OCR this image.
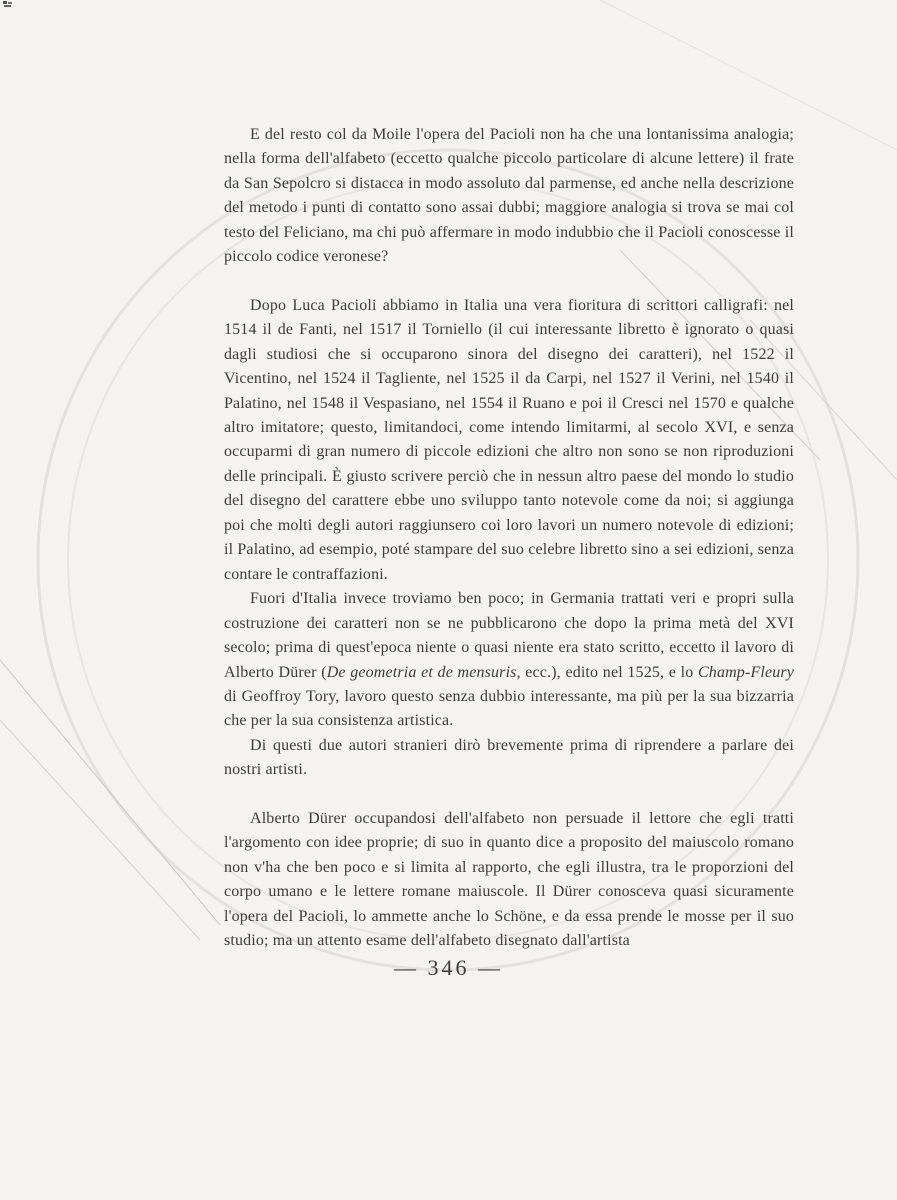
E del resto col da Moile l'opera del Pacioli non ha che una lontanissima analogia; nella forma dell'alfabeto (eccetto qualche piccolo particolare di alcune lettere) il frate da San Sepolcro si distacca in modo assoluto dal parmense, ed anche nella descrizione del metodo i punti di contatto sono assai dubbi; maggiore analogia si trova se mai col testo del Feliciano, ma chi può affermare in modo indubbio che il Pacioli conoscesse il piccolo codice veronese?

Dopo Luca Pacioli abbiamo in Italia una vera fioritura di scrittori calligrafi: nel 1514 il de Fanti, nel 1517 il Torniello (il cui interessante libretto è ignorato o quasi dagli studiosi che si occuparono sinora del disegno dei caratteri), nel 1522 il Vicentino, nel 1524 il Tagliente, nel 1525 il da Carpi, nel 1527 il Verini, nel 1540 il Palatino, nel 1548 il Vespasiano, nel 1554 il Ruano e poi il Cresci nel 1570 e qualche altro imitatore; questo, limitandoci, come intendo limitarmi, al secolo XVI, e senza occuparmi di gran numero di piccole edizioni che altro non sono se non riproduzioni delle principali. È giusto scrivere perciò che in nessun altro paese del mondo lo studio del disegno del carattere ebbe uno sviluppo tanto notevole come da noi; si aggiunga poi che molti degli autori raggiunsero coi loro lavori un numero notevole di edizioni; il Palatino, ad esempio, poté stampare del suo celebre libretto sino a sei edizioni, senza contare le contraffazioni.

Fuori d'Italia invece troviamo ben poco; in Germania trattati veri e propri sulla costruzione dei caratteri non se ne pubblicarono che dopo la prima metà del XVI secolo; prima di quest'epoca niente o quasi niente era stato scritto, eccetto il lavoro di Alberto Dürer (De geometria et de mensuris, ecc.), edito nel 1525, e lo Champ-Fleury di Geoffroy Tory, lavoro questo senza dubbio interessante, ma più per la sua bizzarria che per la sua consistenza artistica.

Di questi due autori stranieri dirò brevemente prima di riprendere a parlare dei nostri artisti.

Alberto Dürer occupandosi dell'alfabeto non persuade il lettore che egli tratti l'argomento con idee proprie; di suo in quanto dice a proposito del maiuscolo romano non v'ha che ben poco e si limita al rapporto, che egli illustra, tra le proporzioni del corpo umano e le lettere romane maiuscole. Il Dürer conosceva quasi sicuramente l'opera del Pacioli, lo ammette anche lo Schöne, e da essa prende le mosse per il suo studio; ma un attento esame dell'alfabeto disegnato dall'artista

— 346 —
